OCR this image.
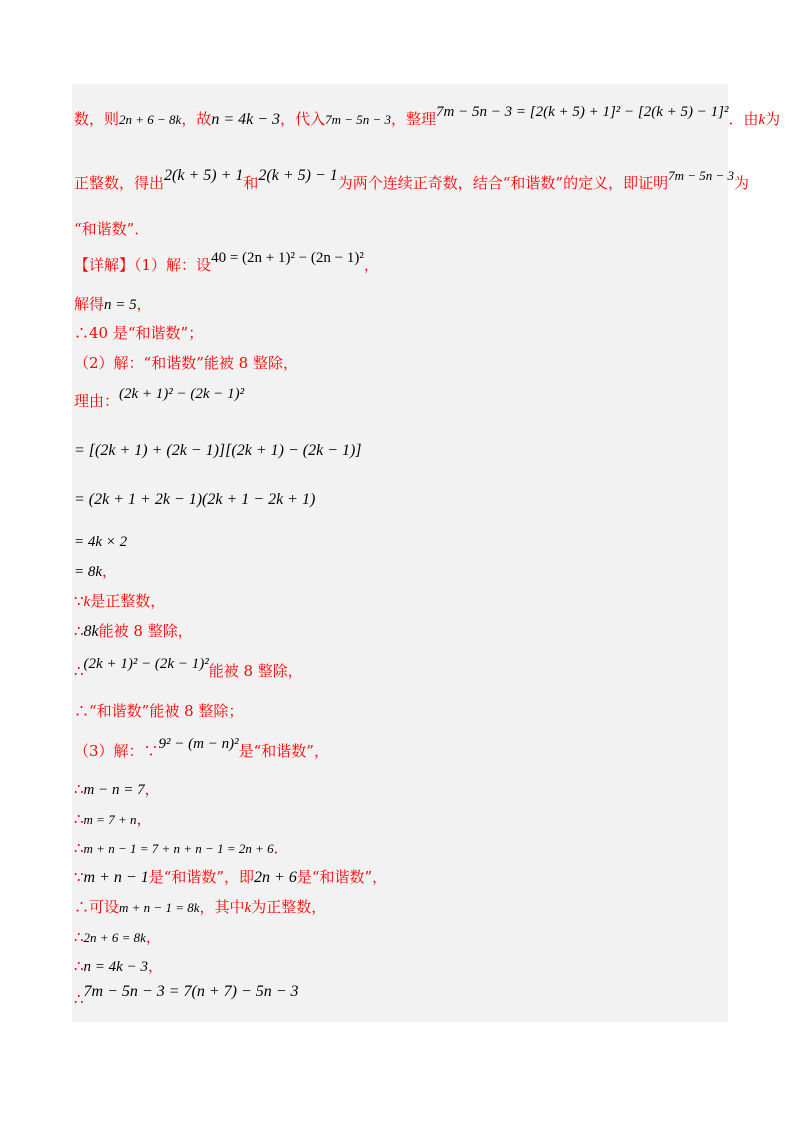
数，则2n + 6 − 8k，故n = 4k − 3，代入7m − 5n − 3，整理7m − 5n − 3 = [2(k + 5) + 1]² − [2(k + 5) − 1]²．由k为
正整数，得出2(k + 5) + 1和2(k + 5) − 1为两个连续正奇数，结合“和谐数”的定义，即证明7m − 5n − 3为
“和谐数”．
【详解】（1）解：设40 = (2n + 1)² − (2n − 1)²，
解得n = 5，
∴40 是“和谐数”；
（2）解：“和谐数”能被 8 整除，
理由：(2k + 1)² − (2k − 1)²
= [(2k + 1) + (2k − 1)][(2k + 1) − (2k − 1)]
= (2k + 1 + 2k − 1)(2k + 1 − 2k + 1)
= 4k × 2
= 8k，
∵k是正整数，
∴8k能被 8 整除，
∴(2k + 1)² − (2k − 1)²能被 8 整除，
∴“和谐数”能被 8 整除；
（3）解：∵9² − (m − n)²是“和谐数”，
∴m − n = 7，
∴m = 7 + n，
∴m + n − 1 = 7 + n + n − 1 = 2n + 6．
∵m + n − 1是“和谐数”，即2n + 6是“和谐数”，
∴可设m + n − 1 = 8k，其中k为正整数，
∴2n + 6 = 8k，
∴n = 4k − 3，
∴7m − 5n − 3 = 7(n + 7) − 5n − 3
